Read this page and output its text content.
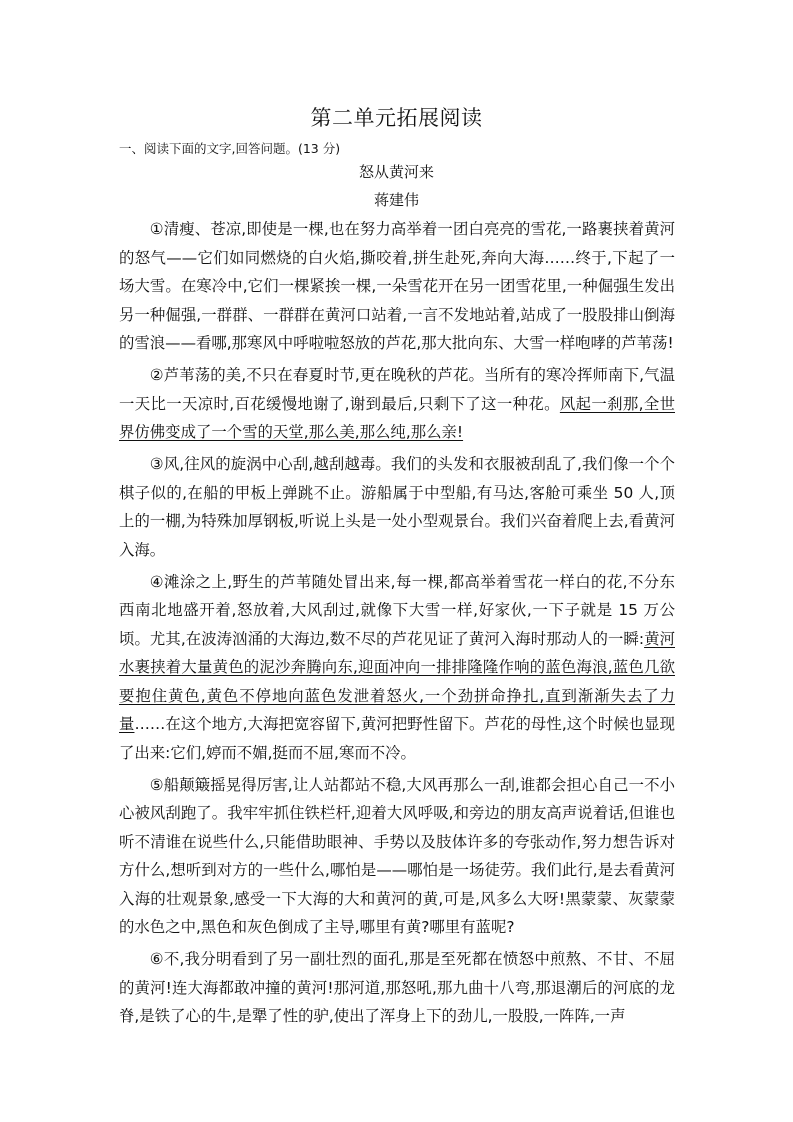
第二单元拓展阅读
一、阅读下面的文字,回答问题。(13 分)
怒从黄河来
蒋建伟

①清瘦、苍凉,即使是一棵,也在努力高举着一团白亮亮的雪花,一路裹挟着黄河的怒气——它们如同燃烧的白火焰,撕咬着,拼生赴死,奔向大海……终于,下起了一场大雪。在寒冷中,它们一棵紧挨一棵,一朵雪花开在另一团雪花里,一种倔强生发出另一种倔强,一群群、一群群在黄河口站着,一言不发地站着,站成了一股股排山倒海的雪浪——看哪,那寒风中呼啦啦怒放的芦花,那大批向东、大雪一样咆哮的芦苇荡!

②芦苇荡的美,不只在春夏时节,更在晚秋的芦花。当所有的寒冷挥师南下,气温一天比一天凉时,百花缓慢地谢了,谢到最后,只剩下了这一种花。风起一刹那,全世界仿佛变成了一个雪的天堂,那么美,那么纯,那么亲!

③风,往风的旋涡中心刮,越刮越毒。我们的头发和衣服被刮乱了,我们像一个个棋子似的,在船的甲板上弹跳不止。游船属于中型船,有马达,客舱可乘坐 50 人,顶上的一棚,为特殊加厚钢板,听说上头是一处小型观景台。我们兴奋着爬上去,看黄河入海。

④滩涂之上,野生的芦苇随处冒出来,每一棵,都高举着雪花一样白的花,不分东西南北地盛开着,怒放着,大风刮过,就像下大雪一样,好家伙,一下子就是 15 万公顷。尤其,在波涛汹涌的大海边,数不尽的芦花见证了黄河入海时那动人的一瞬:黄河水裹挟着大量黄色的泥沙奔腾向东,迎面冲向一排排隆隆作响的蓝色海浪,蓝色几欲要抱住黄色,黄色不停地向蓝色发泄着怒火,一个劲拼命挣扎,直到渐渐失去了力量……在这个地方,大海把宽容留下,黄河把野性留下。芦花的母性,这个时候也显现了出来:它们,婷而不媚,挺而不屈,寒而不冷。

⑤船颠簸摇晃得厉害,让人站都站不稳,大风再那么一刮,谁都会担心自己一不小心被风刮跑了。我牢牢抓住铁栏杆,迎着大风呼吸,和旁边的朋友高声说着话,但谁也听不清谁在说些什么,只能借助眼神、手势以及肢体许多的夸张动作,努力想告诉对方什么,想听到对方的一些什么,哪怕是——哪怕是一场徒劳。我们此行,是去看黄河入海的壮观景象,感受一下大海的大和黄河的黄,可是,风多么大呀!黑蒙蒙、灰蒙蒙的水色之中,黑色和灰色倒成了主导,哪里有黄?哪里有蓝呢?

⑥不,我分明看到了另一副壮烈的面孔,那是至死都在愤怒中煎熬、不甘、不屈的黄河!连大海都敢冲撞的黄河!那河道,那怒吼,那九曲十八弯,那退潮后的河底的龙脊,是铁了心的牛,是犟了性的驴,使出了浑身上下的劲儿,一股股,一阵阵,一声
